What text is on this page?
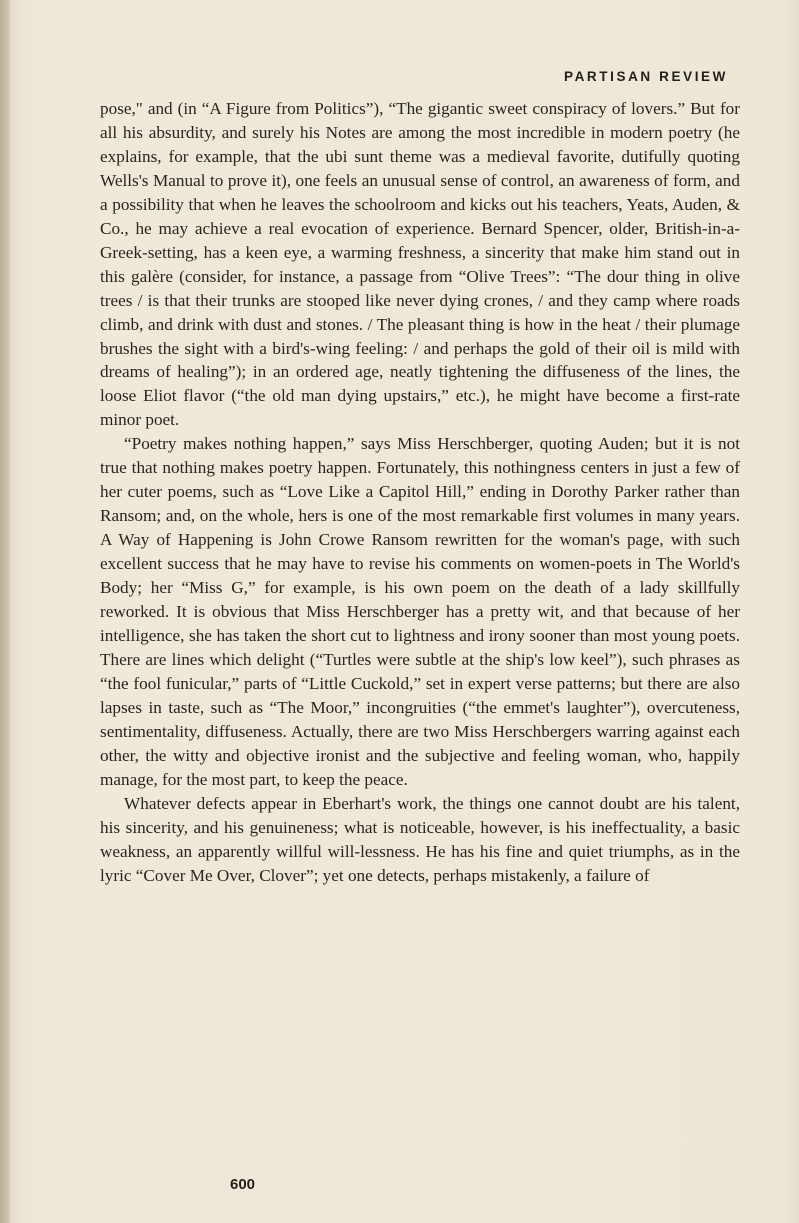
PARTISAN REVIEW

pose," and (in “A Figure from Politics”), “The gigantic sweet conspiracy of lovers.” But for all his absurdity, and surely his Notes are among the most incredible in modern poetry (he explains, for example, that the ubi sunt theme was a medieval favorite, dutifully quoting Wells's Manual to prove it), one feels an unusual sense of control, an awareness of form, and a possibility that when he leaves the schoolroom and kicks out his teachers, Yeats, Auden, & Co., he may achieve a real evocation of experience. Bernard Spencer, older, British-in-a-Greek-setting, has a keen eye, a warming freshness, a sincerity that make him stand out in this galère (consider, for instance, a passage from “Olive Trees”: “The dour thing in olive trees / is that their trunks are stooped like never dying crones, / and they camp where roads climb, and drink with dust and stones. / The pleasant thing is how in the heat / their plumage brushes the sight with a bird's-wing feeling: / and perhaps the gold of their oil is mild with dreams of healing”); in an ordered age, neatly tightening the diffuseness of the lines, the loose Eliot flavor (“the old man dying upstairs,” etc.), he might have become a first-rate minor poet.

“Poetry makes nothing happen,” says Miss Herschberger, quoting Auden; but it is not true that nothing makes poetry happen. Fortunately, this nothingness centers in just a few of her cuter poems, such as “Love Like a Capitol Hill,” ending in Dorothy Parker rather than Ransom; and, on the whole, hers is one of the most remarkable first volumes in many years. A Way of Happening is John Crowe Ransom rewritten for the woman's page, with such excellent success that he may have to revise his comments on women-poets in The World's Body; her “Miss G,” for example, is his own poem on the death of a lady skillfully reworked. It is obvious that Miss Herschberger has a pretty wit, and that because of her intelligence, she has taken the short cut to lightness and irony sooner than most young poets. There are lines which delight (“Turtles were subtle at the ship's low keel”), such phrases as “the fool funicular,” parts of “Little Cuckold,” set in expert verse patterns; but there are also lapses in taste, such as “The Moor,” incongruities (“the emmet's laughter”), overcuteness, sentimentality, diffuseness. Actually, there are two Miss Herschbergers warring against each other, the witty and objective ironist and the subjective and feeling woman, who, happily manage, for the most part, to keep the peace.

Whatever defects appear in Eberhart's work, the things one cannot doubt are his talent, his sincerity, and his genuineness; what is noticeable, however, is his ineffectuality, a basic weakness, an apparently willful will-lessness. He has his fine and quiet triumphs, as in the lyric “Cover Me Over, Clover”; yet one detects, perhaps mistakenly, a failure of

600
